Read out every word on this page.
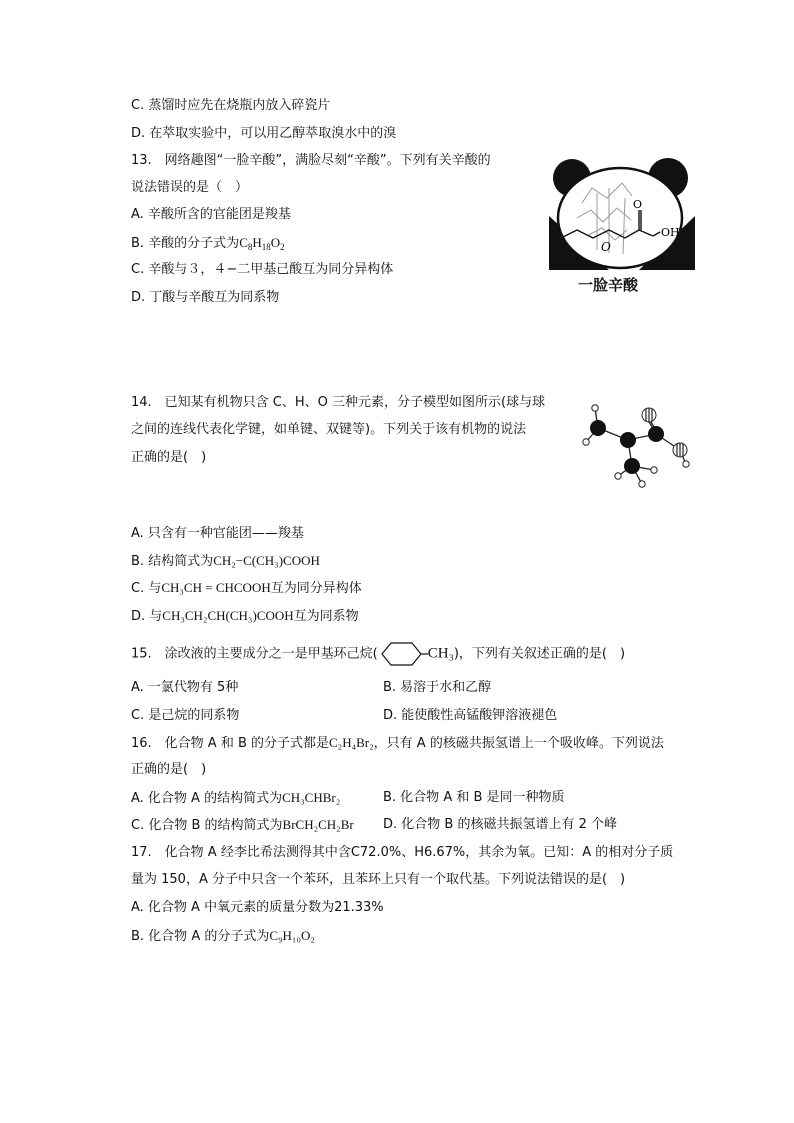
C. 蒸馏时应先在烧瓶内放入碎瓷片
D. 在萃取实验中，可以用乙醇萃取溴水中的溴
13.　网络趣图“一脸辛酸”，满脸尽刻“辛酸”。下列有关辛酸的
说法错误的是（　）
A. 辛酸所含的官能团是羧基
B. 辛酸的分子式为$C_8H_{18}O_2$
C. 辛酸与３，４−二甲基己酸互为同分异构体
D. 丁酸与辛酸互为同系物
O
OH
O
一脸辛酸
14.　已知某有机物只含 C、H、O 三种元素，分子模型如图所示(球与球
之间的连线代表化学键，如单键、双键等)。下列关于该有机物的说法
正确的是(　)
A. 只含有一种官能团——羧基
B. 结构简式为CH₂−C(CH₃)COOH
C. 与CH₃CH = CHCOOH互为同分异构体
D. 与CH₃CH₂CH(CH₃)COOH互为同系物
15.　涂改液的主要成分之一是甲基环己烷(	CH₃)，下列有关叙述正确的是(　)
A. 一氯代物有 5种	B. 易溶于水和乙醇
C. 是己烷的同系物	D. 能使酸性高锰酸钾溶液褪色
16.　化合物 A 和 B 的分子式都是C₂H₄Br₂，只有 A 的核磁共振氢谱上一个吸收峰。下列说法
正确的是(　)
A. 化合物 A 的结构简式为CH₃CHBr₂	B. 化合物 A 和 B 是同一种物质
C. 化合物 B 的结构简式为BrCH₂CH₂Br D. 化合物 B 的核磁共振氢谱上有 2 个峰
17.　化合物 A 经李比希法测得其中含C72.0%、H6.67%，其余为氧。已知：A 的相对分子质
量为 150，A 分子中只含一个苯环，且苯环上只有一个取代基。下列说法错误的是(　)
A. 化合物 A 中氧元素的质量分数为21.33%
B. 化合物 A 的分子式为C₉H₁₀O₂
